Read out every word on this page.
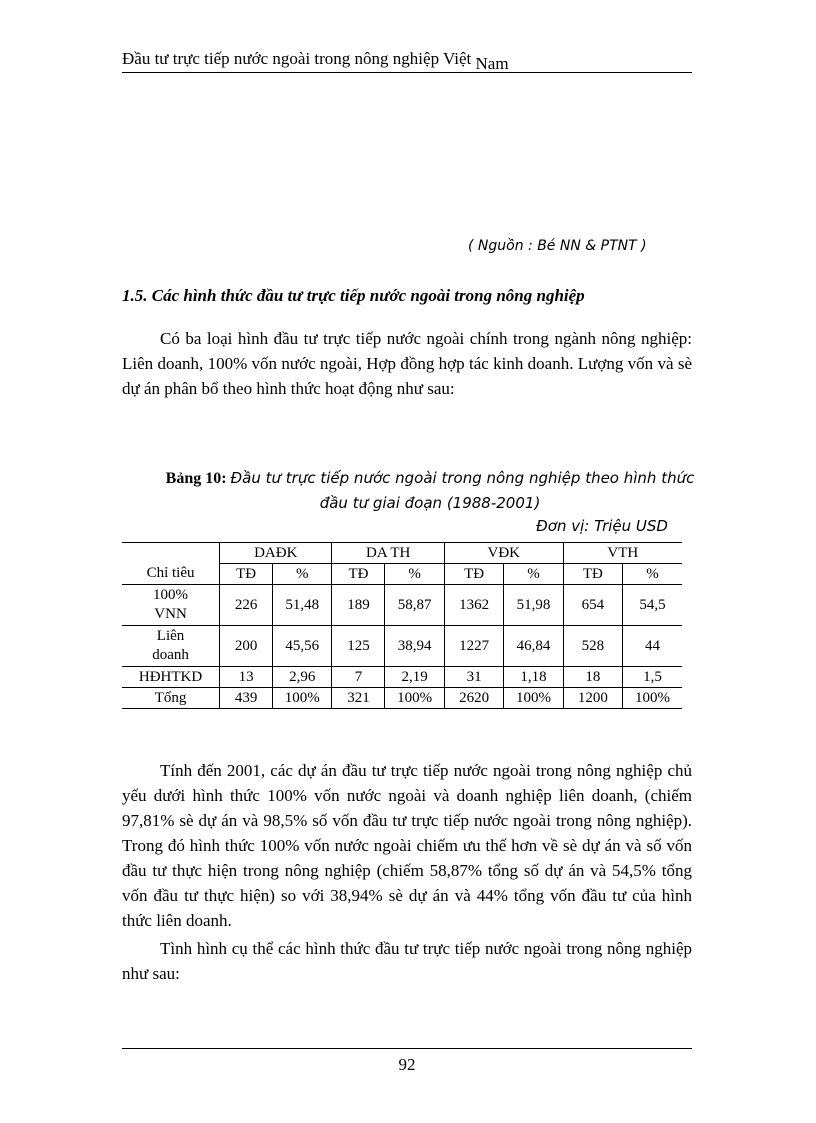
Đầu tư trực tiếp nước ngoài trong nông nghiệp Việt Nam
( Nguồn : Bé NN & PTNT )
1.5. Các hình thức đầu tư trực tiếp nước ngoài trong nông nghiệp
Có ba loại hình đầu tư trực tiếp nước ngoài chính trong ngành nông nghiệp: Liên doanh, 100% vốn nước ngoài, Hợp đồng hợp tác kinh doanh. Lượng vốn và sè dự án phân bổ theo hình thức hoạt động như sau:
Bảng 10: Đầu tư trực tiếp nước ngoài trong nông nghiệp theo hình thức đầu tư giai đoạn (1988-2001)
Đơn vị: Triệu USD
	DAĐK		DA TH		VĐK		VTH	
Chỉ tiêu	TĐ	%	TĐ	%	TĐ	%	TĐ	%
100%
VNN	226	51,48	189	58,87	1362	51,98	654	54,5
Liên
doanh	200	45,56	125	38,94	1227	46,84	528	44
HĐHTKD	13	2,96	7	2,19	31	1,18	18	1,5
Tổng	439	100%	321	100%	2620	100%	1200	100%
Tính đến 2001, các dự án đầu tư trực tiếp nước ngoài trong nông nghiệp chủ yếu dưới hình thức 100% vốn nước ngoài và doanh nghiệp liên doanh, (chiếm 97,81% sè dự án và 98,5% số vốn đầu tư trực tiếp nước ngoài trong nông nghiệp). Trong đó hình thức 100% vốn nước ngoài chiếm ưu thế hơn về sè dự án và số vốn đầu tư thực hiện trong nông nghiệp (chiếm 58,87% tổng số dự án và 54,5% tổng vốn đầu tư thực hiện) so với 38,94% sè dự án và 44% tổng vốn đầu tư của hình thức liên doanh.
Tình hình cụ thể các hình thức đầu tư trực tiếp nước ngoài trong nông nghiệp như sau:
92
